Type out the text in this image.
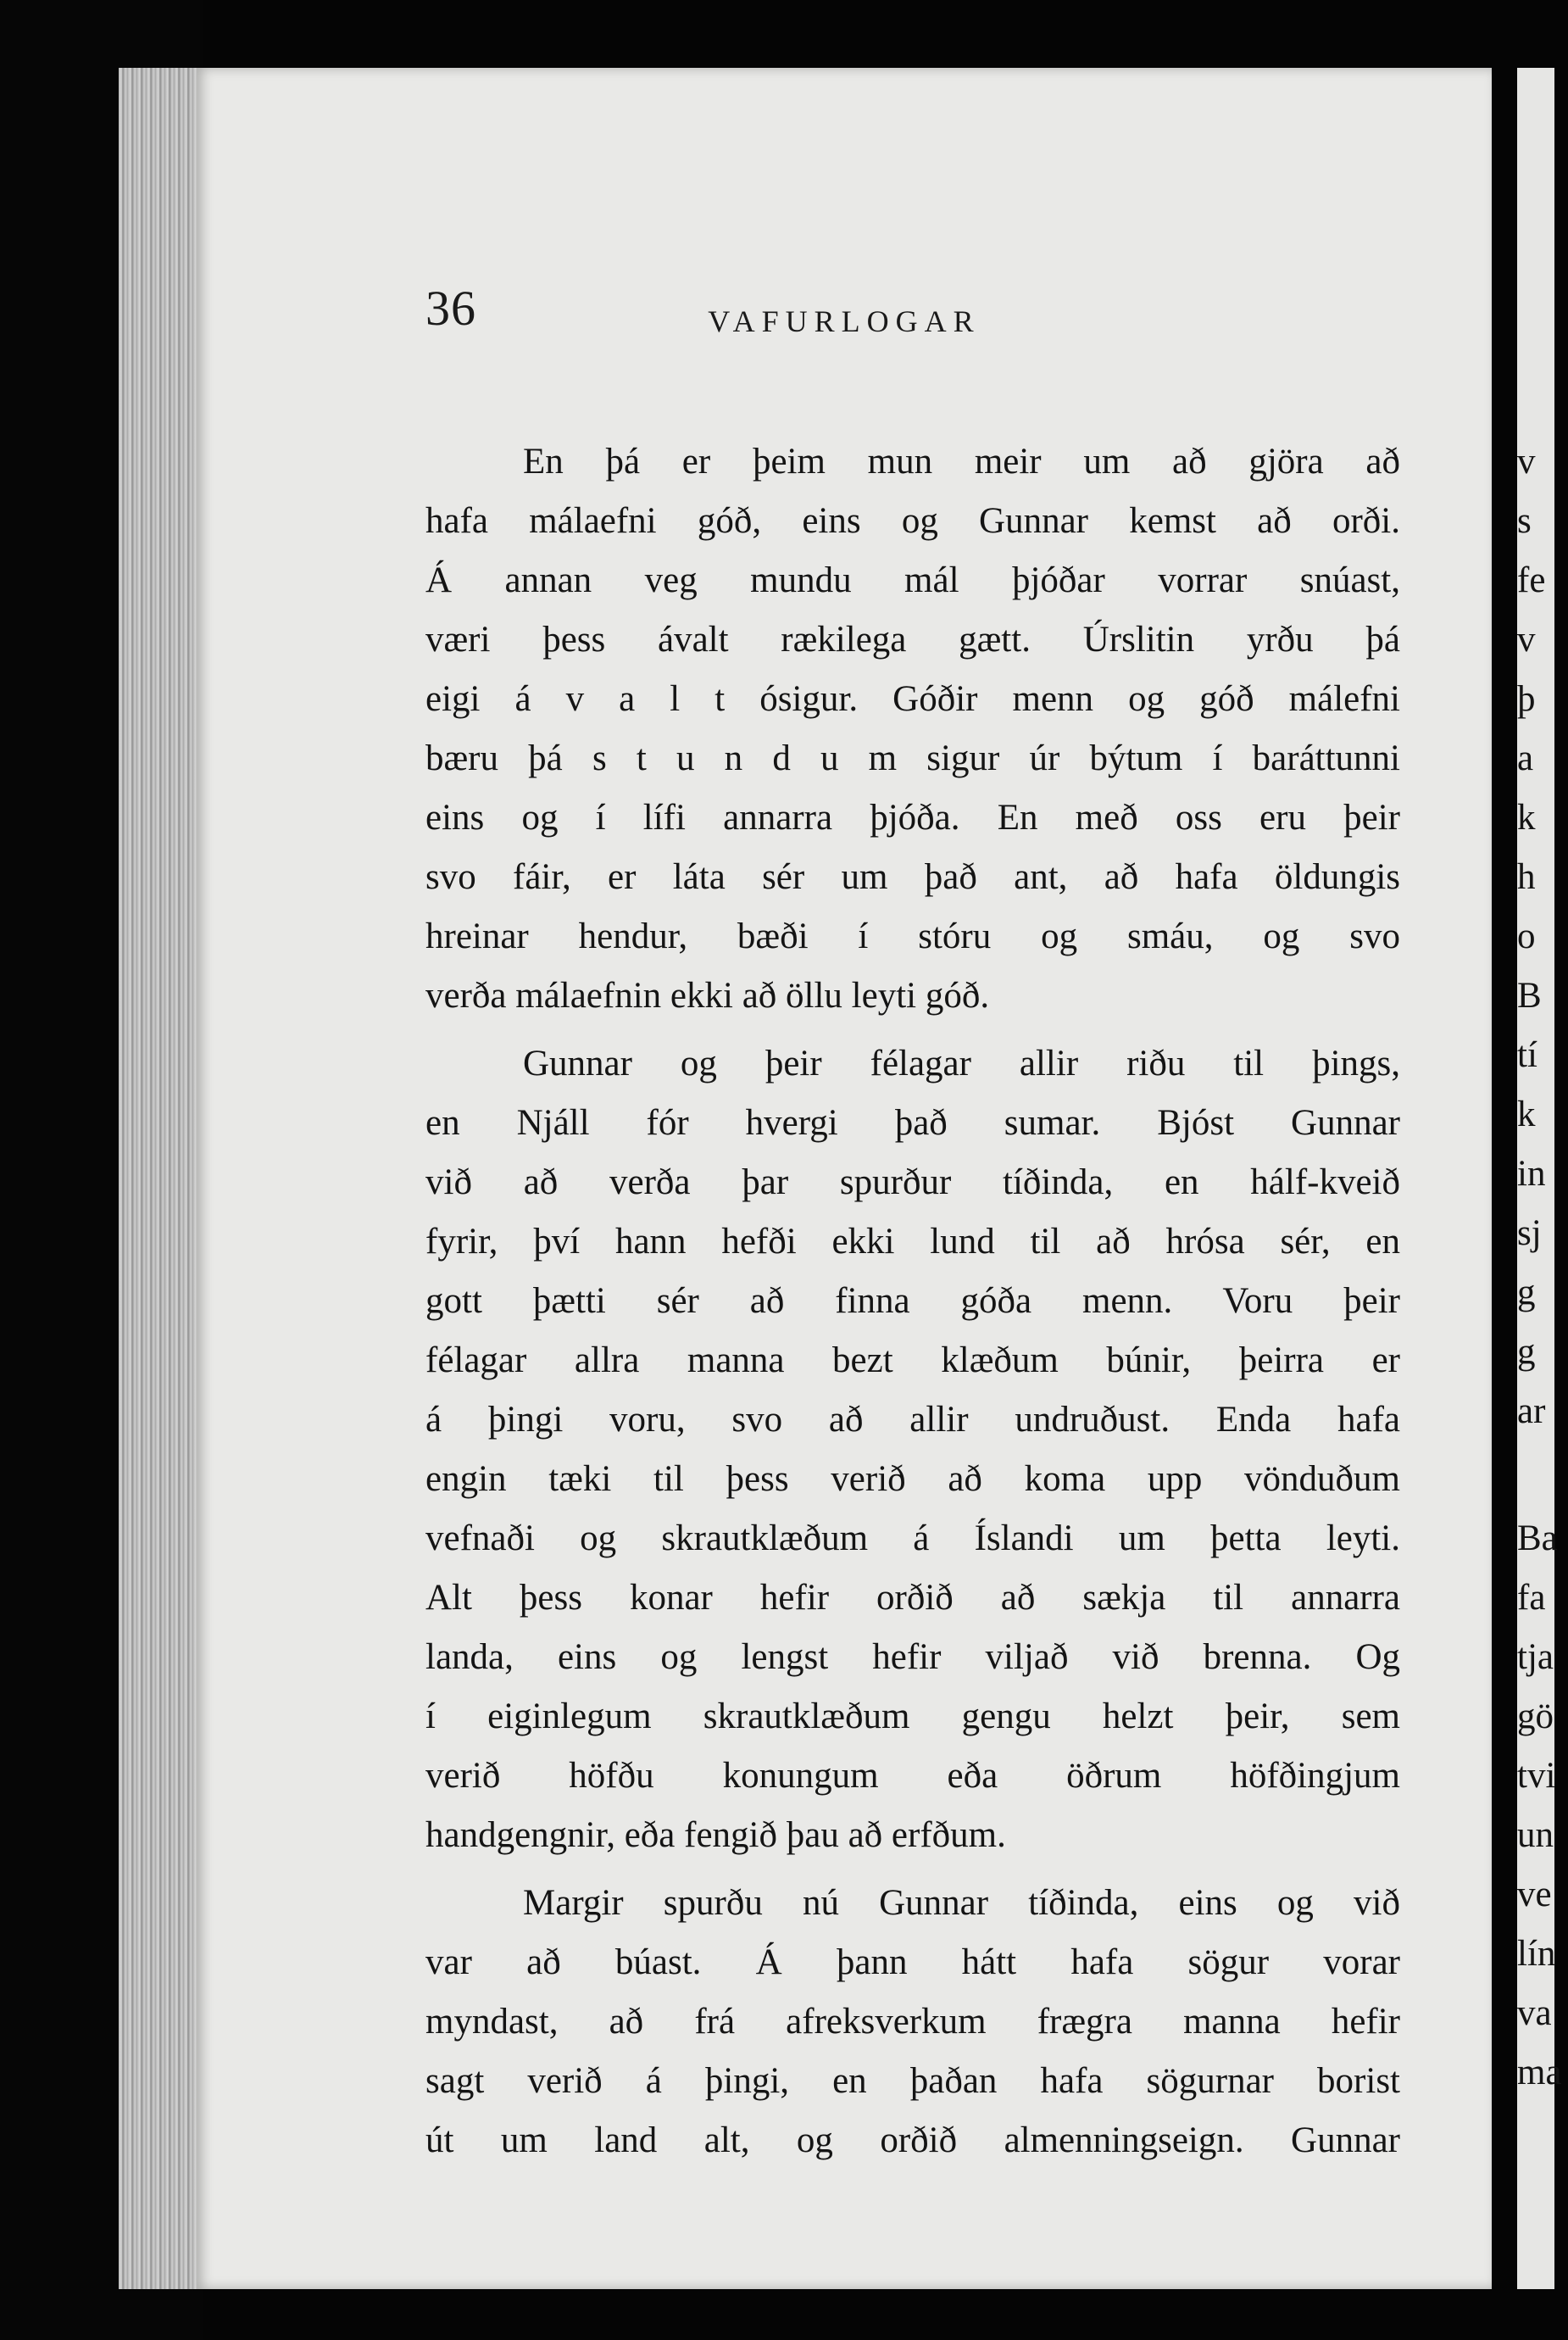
36	VAFURLOGAR
En þá er þeim mun meir um að gjöra að
hafa málaefni góð, eins og Gunnar kemst að orði.
Á annan veg mundu mál þjóðar vorrar snúast,
væri þess ávalt rækilega gætt. Úrslitin yrðu þá
eigi á v a l t ósigur. Góðir menn og góð málefni
bæru þá s t u n d u m sigur úr býtum í baráttunni
eins og í lífi annarra þjóða. En með oss eru þeir
svo fáir, er láta sér um það ant, að hafa öldungis
hreinar hendur, bæði í stóru og smáu, og svo
verða málaefnin ekki að öllu leyti góð.
Gunnar og þeir félagar allir riðu til þings,
en Njáll fór hvergi það sumar. Bjóst Gunnar
við að verða þar spurður tíðinda, en hálf-kveið
fyrir, því hann hefði ekki lund til að hrósa sér, en
gott þætti sér að finna góða menn. Voru þeir
félagar allra manna bezt klæðum búnir, þeirra er
á þingi voru, svo að allir undruðust. Enda hafa
engin tæki til þess verið að koma upp vönduðum
vefnaði og skrautklæðum á Íslandi um þetta leyti.
Alt þess konar hefir orðið að sækja til annarra
landa, eins og lengst hefir viljað við brenna. Og
í eiginlegum skrautklæðum gengu helzt þeir, sem
verið höfðu konungum eða öðrum höfðingjum
handgengnir, eða fengið þau að erfðum.
Margir spurðu nú Gunnar tíðinda, eins og við
var að búast. Á þann hátt hafa sögur vorar
myndast, að frá afreksverkum frægra manna hefir
sagt verið á þingi, en þaðan hafa sögurnar borist
út um land alt, og orðið almenningseign. Gunnar
v
s
fe
v
þ
a
k
h
o
B
tí
k
in
sj
g
g
ar
Ba
fa
tja
gö
tvi
un
ve
lín
va
ma
